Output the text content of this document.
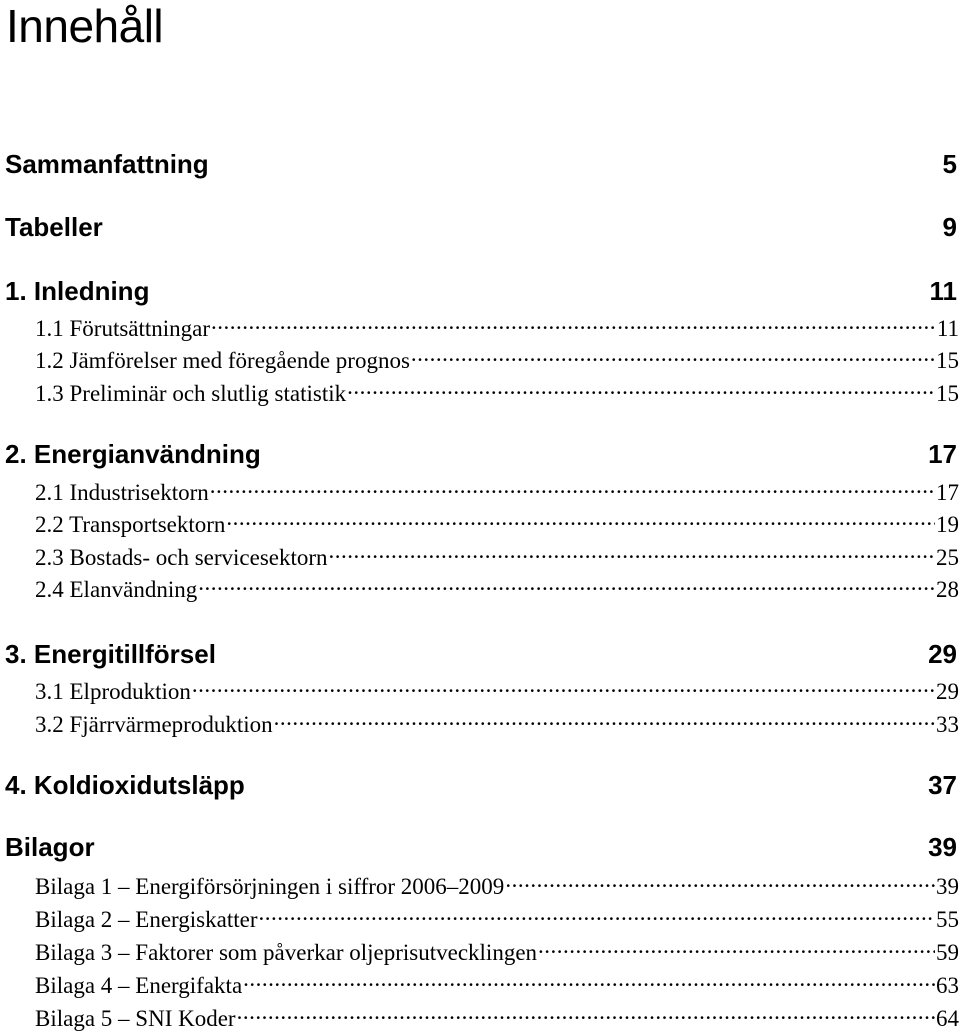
Innehåll
Sammanfattning	5
Tabeller	9
1. Inledning	11
1.1 Förutsättningar .....	11
1.2 Jämförelser med föregående prognos .....	15
1.3 Preliminär och slutlig statistik .....	15
2. Energianvändning	17
2.1 Industrisektorn .....	17
2.2 Transportsektorn .....	19
2.3 Bostads- och servicesektorn .....	25
2.4 Elanvändning .....	28
3. Energitillförsel	29
3.1 Elproduktion .....	29
3.2 Fjärrvärmeproduktion .....	33
4. Koldioxidutsläpp	37
Bilagor	39
Bilaga 1 – Energiförsörjningen i siffror 2006–2009 .....	39
Bilaga 2 – Energiskatter .....	55
Bilaga 3 – Faktorer som påverkar oljeprisutvecklingen .....	59
Bilaga 4 – Energifakta .....	63
Bilaga 5 – SNI Koder .....	64
